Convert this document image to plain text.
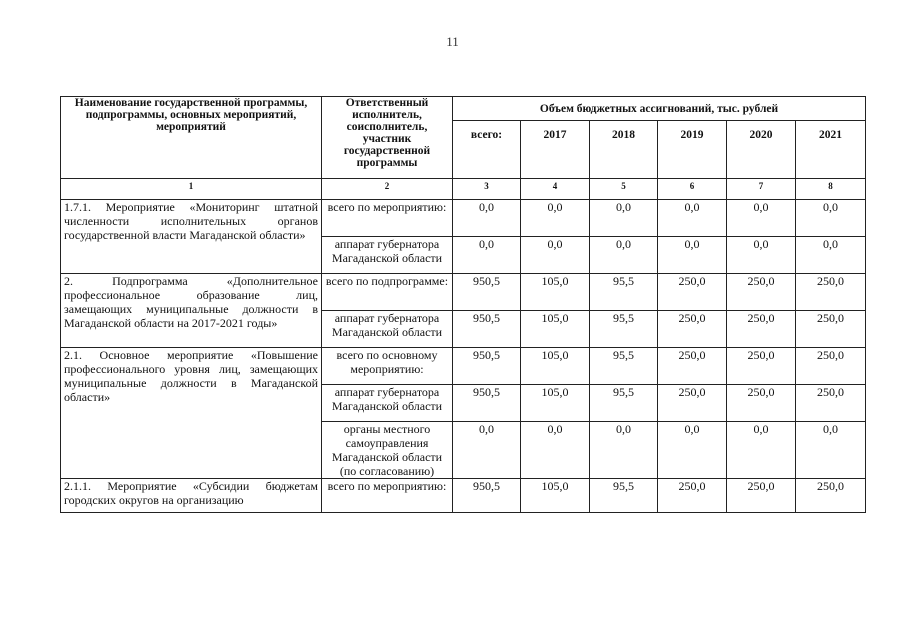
11
Наименование государственной программы, подпрограммы, основных мероприятий, мероприятий	Ответственный исполнитель, соисполнитель, участник государственной программы	Объем бюджетных ассигнований, тыс. рублей					
		всего:	2017	2018	2019	2020	2021
1	2	3	4	5	6	7	8
1.7.1. Мероприятие «Мониторинг штатной численности исполнительных органов государственной власти Магаданской области»	всего по мероприятию:	0,0	0,0	0,0	0,0	0,0	0,0
	аппарат губернатора Магаданской области	0,0	0,0	0,0	0,0	0,0	0,0
2. Подпрограмма «Дополнительное профессиональное образование лиц, замещающих муниципальные должности в Магаданской области на 2017-2021 годы»	всего по подпрограмме:	950,5	105,0	95,5	250,0	250,0	250,0
	аппарат губернатора Магаданской области	950,5	105,0	95,5	250,0	250,0	250,0
2.1. Основное мероприятие «Повышение профессионального уровня лиц, замещающих муниципальные должности в Магаданской области»	всего по основному мероприятию:	950,5	105,0	95,5	250,0	250,0	250,0
	аппарат губернатора Магаданской области	950,5	105,0	95,5	250,0	250,0	250,0
	органы местного самоуправления Магаданской области (по согласованию)	0,0	0,0	0,0	0,0	0,0	0,0
2.1.1. Мероприятие «Субсидии бюджетам городских округов на организацию	всего по мероприятию:	950,5	105,0	95,5	250,0	250,0	250,0
